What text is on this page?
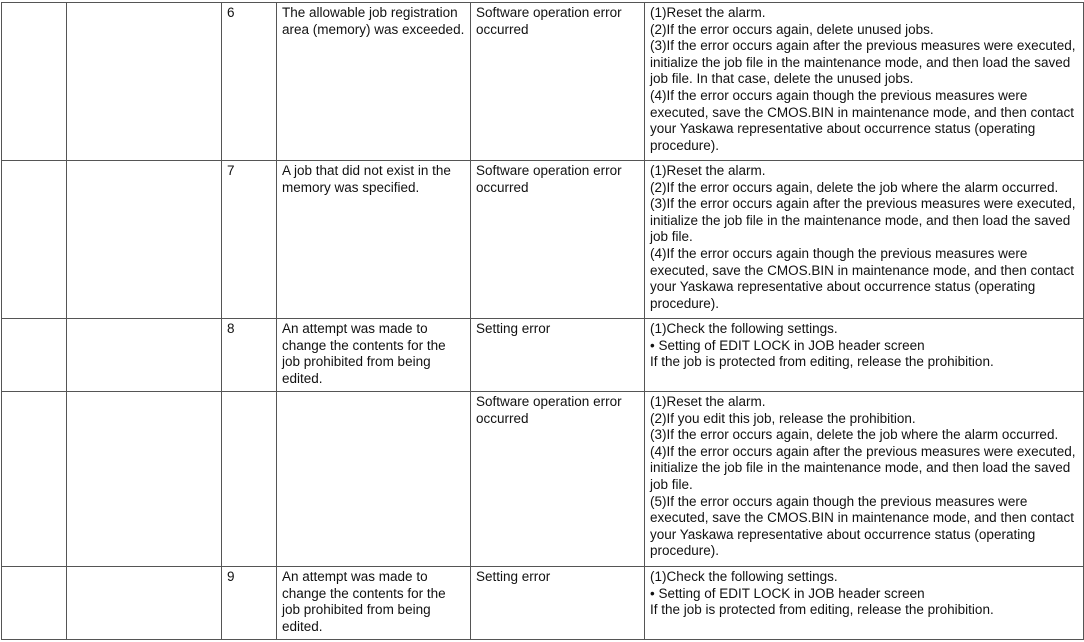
		6	The allowable job registration area (memory) was exceeded.	Software operation error occurred	(1)Reset the alarm.
(2)If the error occurs again, delete unused jobs.
(3)If the error occurs again after the previous measures were executed, initialize the job file in the maintenance mode, and then load the saved job file. In that case, delete the unused jobs.
(4)If the error occurs again though the previous measures were executed, save the CMOS.BIN in maintenance mode, and then contact your Yaskawa representative about occurrence status (operating procedure).

		7	A job that did not exist in the memory was specified.	Software operation error occurred	(1)Reset the alarm.
(2)If the error occurs again, delete the job where the alarm occurred.
(3)If the error occurs again after the previous measures were executed, initialize the job file in the maintenance mode, and then load the saved job file.
(4)If the error occurs again though the previous measures were executed, save the CMOS.BIN in maintenance mode, and then contact your Yaskawa representative about occurrence status (operating procedure).

		8	An attempt was made to change the contents for the job prohibited from being edited.	Setting error	(1)Check the following settings.
• Setting of EDIT LOCK in JOB header screen
If the job is protected from editing, release the prohibition.

				Software operation error occurred	(1)Reset the alarm.
(2)If you edit this job, release the prohibition.
(3)If the error occurs again, delete the job where the alarm occurred.
(4)If the error occurs again after the previous measures were executed, initialize the job file in the maintenance mode, and then load the saved job file.
(5)If the error occurs again though the previous measures were executed, save the CMOS.BIN in maintenance mode, and then contact your Yaskawa representative about occurrence status (operating procedure).

		9	An attempt was made to change the contents for the job prohibited from being edited.	Setting error	(1)Check the following settings.
• Setting of EDIT LOCK in JOB header screen
If the job is protected from editing, release the prohibition.
